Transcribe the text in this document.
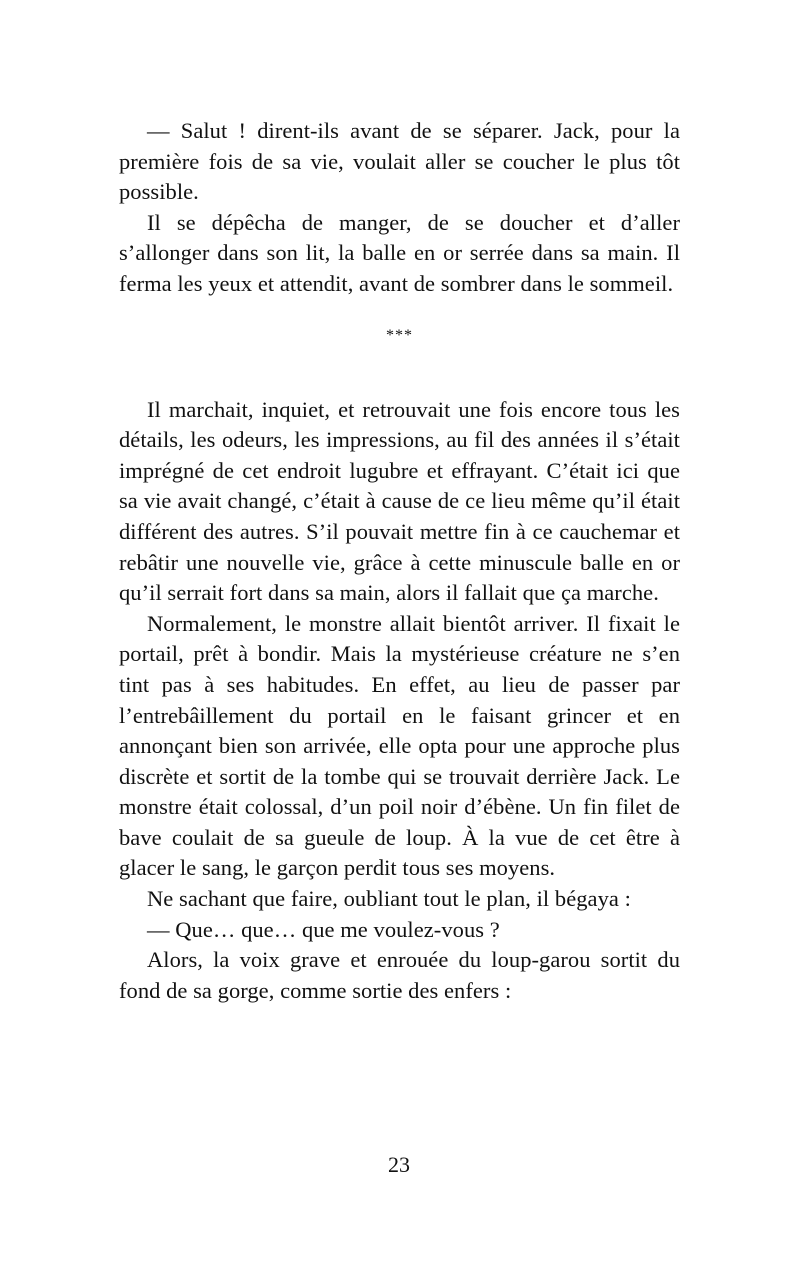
— Salut ! dirent-ils avant de se séparer. Jack, pour la première fois de sa vie, voulait aller se coucher le plus tôt possible.

Il se dépêcha de manger, de se doucher et d’aller s’allonger dans son lit, la balle en or serrée dans sa main. Il ferma les yeux et attendit, avant de sombrer dans le sommeil.

***

Il marchait, inquiet, et retrouvait une fois encore tous les détails, les odeurs, les impressions, au fil des années il s’était imprégné de cet endroit lugubre et effrayant. C’était ici que sa vie avait changé, c’était à cause de ce lieu même qu’il était différent des autres. S’il pouvait mettre fin à ce cauchemar et rebâtir une nouvelle vie, grâce à cette minuscule balle en or qu’il serrait fort dans sa main, alors il fallait que ça marche.

Normalement, le monstre allait bientôt arriver. Il fixait le portail, prêt à bondir. Mais la mystérieuse créature ne s’en tint pas à ses habitudes. En effet, au lieu de passer par l’entrebâillement du portail en le faisant grincer et en annonçant bien son arrivée, elle opta pour une approche plus discrète et sortit de la tombe qui se trouvait derrière Jack. Le monstre était colossal, d’un poil noir d’ébène. Un fin filet de bave coulait de sa gueule de loup. À la vue de cet être à glacer le sang, le garçon perdit tous ses moyens.

Ne sachant que faire, oubliant tout le plan, il bégaya :

— Que… que… que me voulez-vous ?

Alors, la voix grave et enrouée du loup-garou sortit du fond de sa gorge, comme sortie des enfers :

23
